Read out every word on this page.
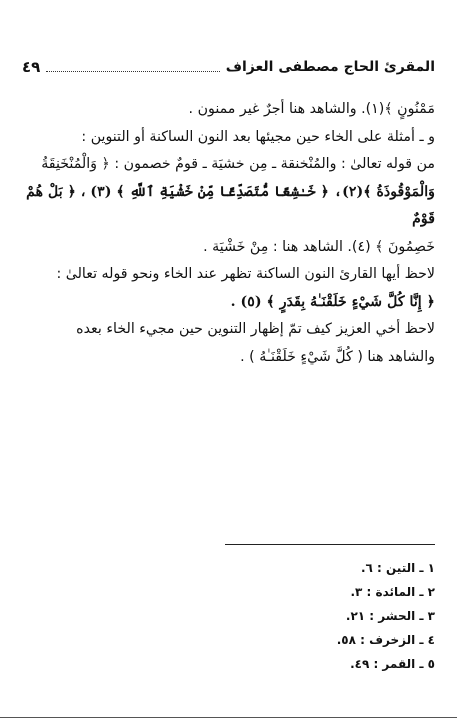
٤٩	المقرئ الحاج مصطفى العزاف

مَمْنُونٍ ﴾(١). والشاهد هنا أجرٌ غير ممنون .

و ـ أمثلة على الخاء حين مجيئها بعد النون الساكنة أو التنوين :

من قوله تعالىٰ : والمُنْخنقة ـ مِن خشيَة ـ قومٌ خصمون : ﴿ وَالْمُنْخَنِقَةُ

وَالْمَوْقُوذَةُ ﴾(٢)، ﴿ خَـٰشِعًا مُّتَصَدِّعًا مِّنْ خَشْيَةِ ٱللَّهِ ﴾ (٣) ، ﴿ بَلْ هُمْ قَوْمٌ

خَصِمُونَ ﴾ (٤). الشاهد هنا : مِنْ خَشْيَة .

لاحظ أيها القارئ النون الساكنة تظهر عند الخاء ونحو قوله تعالىٰ :

﴿ إِنَّا كُلَّ شَيْءٍ خَلَقْنَـٰهُ بِقَدَرٍ ﴾ (٥) .

لاحظ أخي العزيز كيف تمّ إظهار التنوين حين مجيء الخاء بعده

والشاهد هنا ( كُلَّ شَيْءٍ خَلَقْنَـٰهُ ) .

١ ـ التين : ٦.
٢ ـ المائدة : ٣.
٣ ـ الحشر : ٢١.
٤ ـ الزخرف : ٥٨.
٥ ـ القمر : ٤٩.
